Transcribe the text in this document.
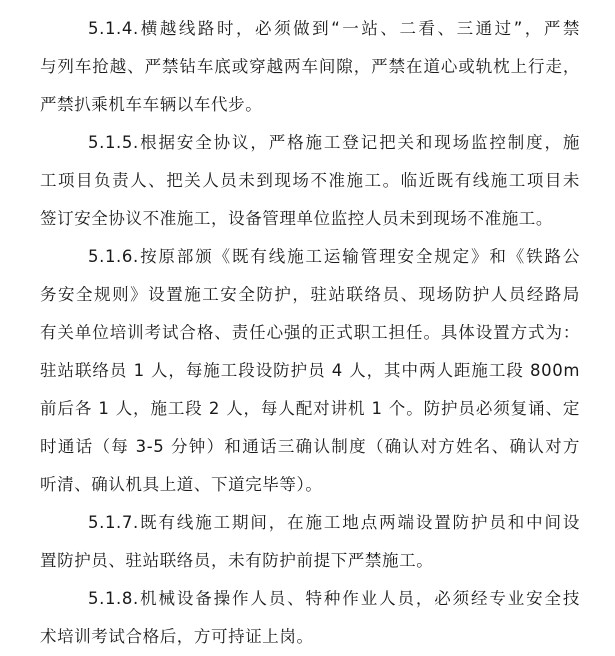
5.1.4.横越线路时，必须做到“一站、二看、三通过”，严禁
与列车抢越、严禁钻车底或穿越两车间隙，严禁在道心或轨枕上行走，
严禁扒乘机车车辆以车代步。
5.1.5.根据安全协议，严格施工登记把关和现场监控制度，施
工项目负责人、把关人员未到现场不准施工。临近既有线施工项目未
签订安全协议不准施工，设备管理单位监控人员未到现场不准施工。
5.1.6.按原部颁《既有线施工运输管理安全规定》和《铁路公
务安全规则》设置施工安全防护，驻站联络员、现场防护人员经路局
有关单位培训考试合格、责任心强的正式职工担任。具体设置方式为：
驻站联络员 1 人，每施工段设防护员 4 人，其中两人距施工段 800m
前后各 1 人，施工段 2 人，每人配对讲机 1 个。防护员必须复诵、定
时通话（每 3-5 分钟）和通话三确认制度（确认对方姓名、确认对方
听清、确认机具上道、下道完毕等）。
5.1.7.既有线施工期间，在施工地点两端设置防护员和中间设
置防护员、驻站联络员，未有防护前提下严禁施工。
5.1.8.机械设备操作人员、特种作业人员，必须经专业安全技
术培训考试合格后，方可持证上岗。
